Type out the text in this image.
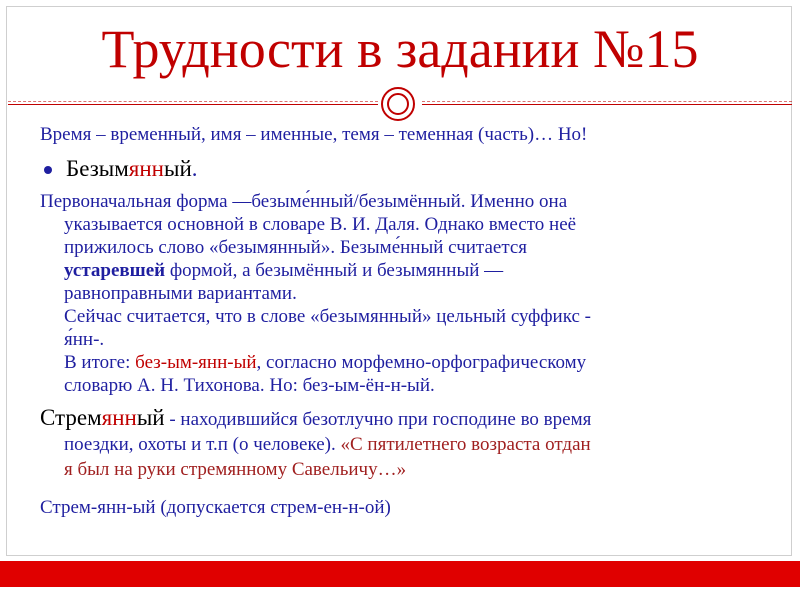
Трудности в задании №15
Время – временный, имя – именные, темя – теменная (часть)… Но!
Безымянный.
Первоначальная форма —безыменный/безымённый. Именно она
указывается основной в словаре В. И. Даля. Однако вместо неё
прижилось слово «безымянный». Безыменный считается
устаревшей формой, а безымённый и безымянный —
равноправными вариантами.
Сейчас считается, что в слове «безымянный» цельный суффикс -
янн-.
В итоге: без-ым-янн-ый, согласно морфемно-орфографическому
словарю А. Н. Тихонова. Но: без-ым-ён-н-ый.
Стремянный - находившийся безотлучно при господине во время
поездки, охоты и т.п (о человеке). «С пятилетнего возраста отдан
я был на руки стремянному Савельичу…»
Стрем-янн-ый (допускается стрем-ен-н-ой)
